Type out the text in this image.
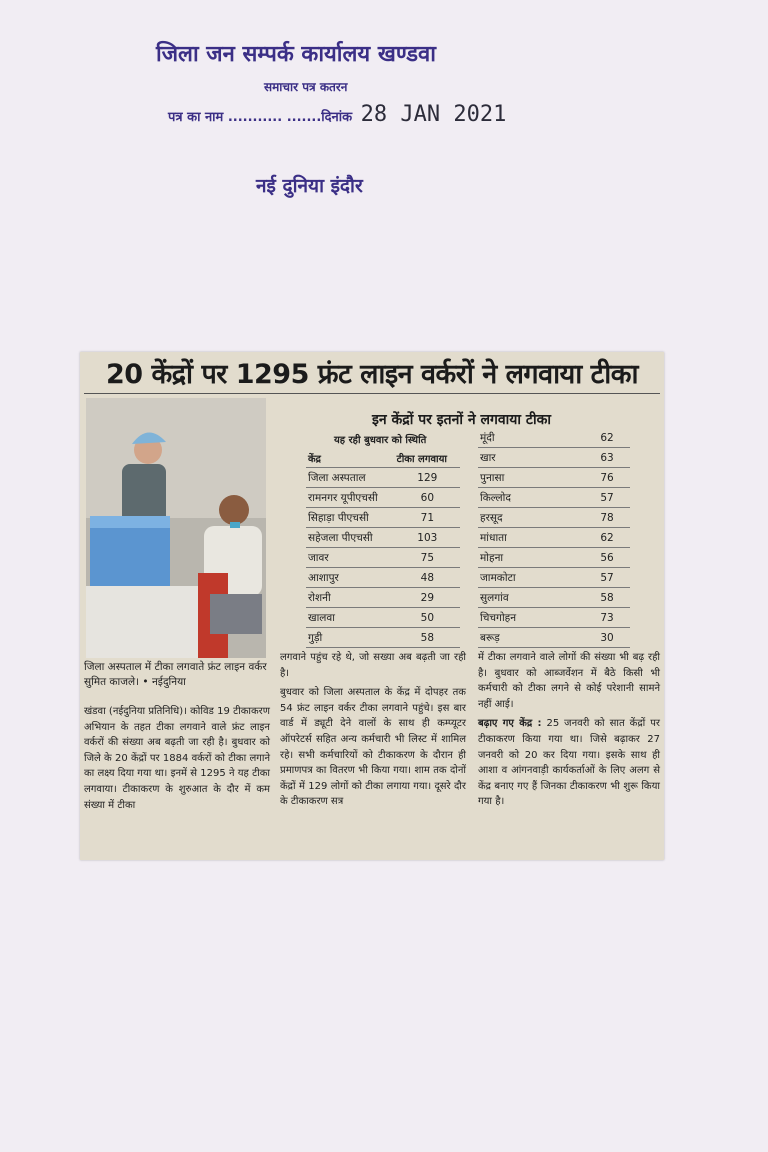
जिला जन सम्पर्क कार्यालय खण्डवा
समाचार पत्र कतरन
पत्र का नाम ........... .......दिनांक 28 JAN 2021
नई दुनिया इंदौर
20 केंद्रों पर 1295 फ्रंट लाइन वर्करों ने लगवाया टीका
जिला अस्पताल में टीका लगवाते फ्रंट लाइन वर्कर सुमित काजले। • नईदुनिया

खंडवा (नईदुनिया प्रतिनिधि)। कोविड 19 टीकाकरण अभियान के तहत टीका लगवाने वाले फ्रंट लाइन वर्करों की संख्या अब बढ़ती जा रही है। बुधवार को जिले के 20 केंद्रों पर 1884 वर्करों को टीका लगाने का लक्ष्य दिया गया था। इनमें से 1295 ने यह टीका लगवाया। टीकाकरण के शुरुआत के दौर में कम संख्या में टीका

लगवाने पहुंच रहे थे, जो सख्या अब बढ़ती जा रही है।

बुधवार को जिला अस्पताल के केंद्र में दोपहर तक 54 फ्रंट लाइन वर्कर टीका लगवाने पहुंचे। इस बार वार्ड में ड्यूटी देने वालों के साथ ही कम्प्यूटर ऑपरेटर्स सहित अन्य कर्मचारी भी लिस्ट में शामिल रहे। सभी कर्मचारियों को टीकाकरण के दौरान ही प्रमाणपत्र का वितरण भी किया गया। शाम तक दोनों केंद्रों में 129 लोगों को टीका लगाया गया। दूसरे दौर के टीकाकरण सत्र

में टीका लगवाने वाले लोगों की संख्या भी बढ़ रही है। बुधवार को आब्जर्वेशन में बैठे किसी भी कर्मचारी को टीका लगने से कोई परेशानी सामने नहीं आई।

बढ़ाए गए केंद्र : 25 जनवरी को सात केंद्रों पर टीकाकरण किया गया था। जिसे बढ़ाकर 27 जनवरी को 20 कर दिया गया। इसके साथ ही आशा व आंगनवाड़ी कार्यकर्ताओं के लिए अलग से केंद्र बनाए गए हैं जिनका टीकाकरण भी शुरू किया गया है।

इन केंद्रों पर इतनों ने लगवाया टीका
यह रही बुधवार को स्थिति
केंद्र	टीका लगवाया
जिला अस्पताल	129
रामनगर यूपीएचसी	60
सिहाड़ा पीएचसी	71
सहेजला पीएचसी	103
जावर	75
आशापुर	48
रोशनी	29
खालवा	50
गुड़ी	58
मूंदी	62
खार	63
पुनासा	76
किल्लोद	57
हरसूद	78
मांधाता	62
मोहना	56
जामकोटा	57
सुलगांव	58
चिचगोहन	73
बरूड़	30
